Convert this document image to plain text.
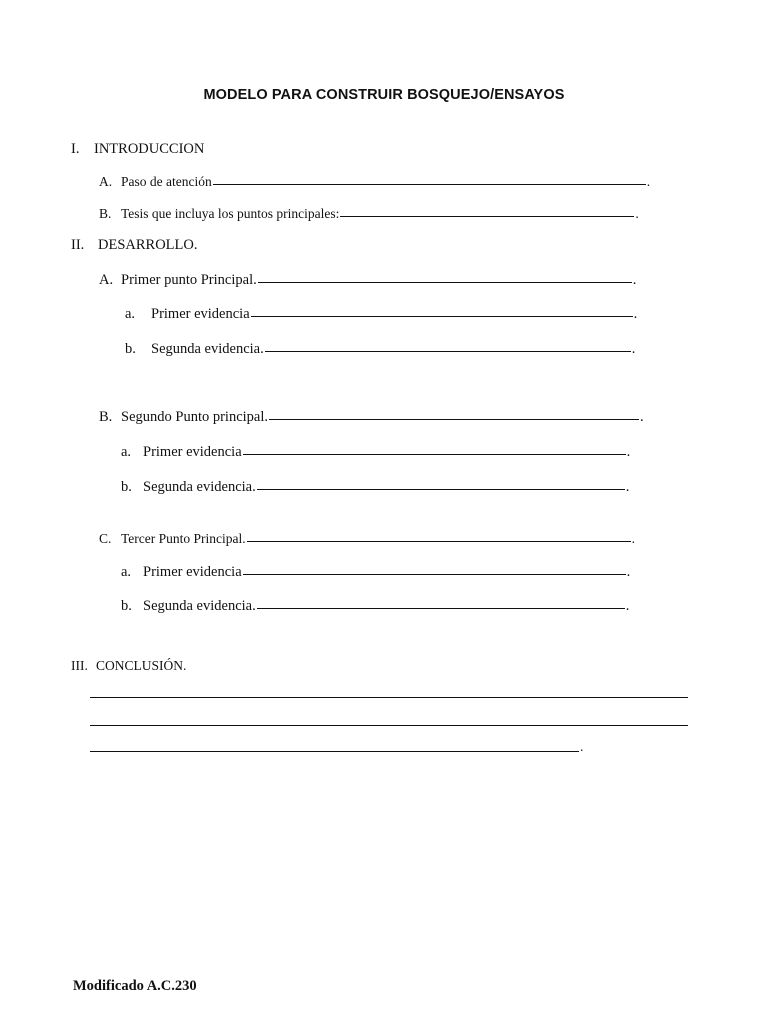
MODELO PARA CONSTRUIR BOSQUEJO/ENSAYOS
I.	INTRODUCCION
A. Paso de atención	.
B. Tesis que incluya los puntos principales:	.
II. DESARROLLO.
A. Primer punto Principal.	.
a.	Primer evidencia	.
b.	Segunda evidencia.	.
B. Segundo Punto principal.	.
a. Primer evidencia	.
b. Segunda evidencia.	.
C. Tercer Punto Principal.	.
a. Primer evidencia	.
b. Segunda evidencia.	.
III. CONCLUSIÓN.
.
Modificado A.C.230
